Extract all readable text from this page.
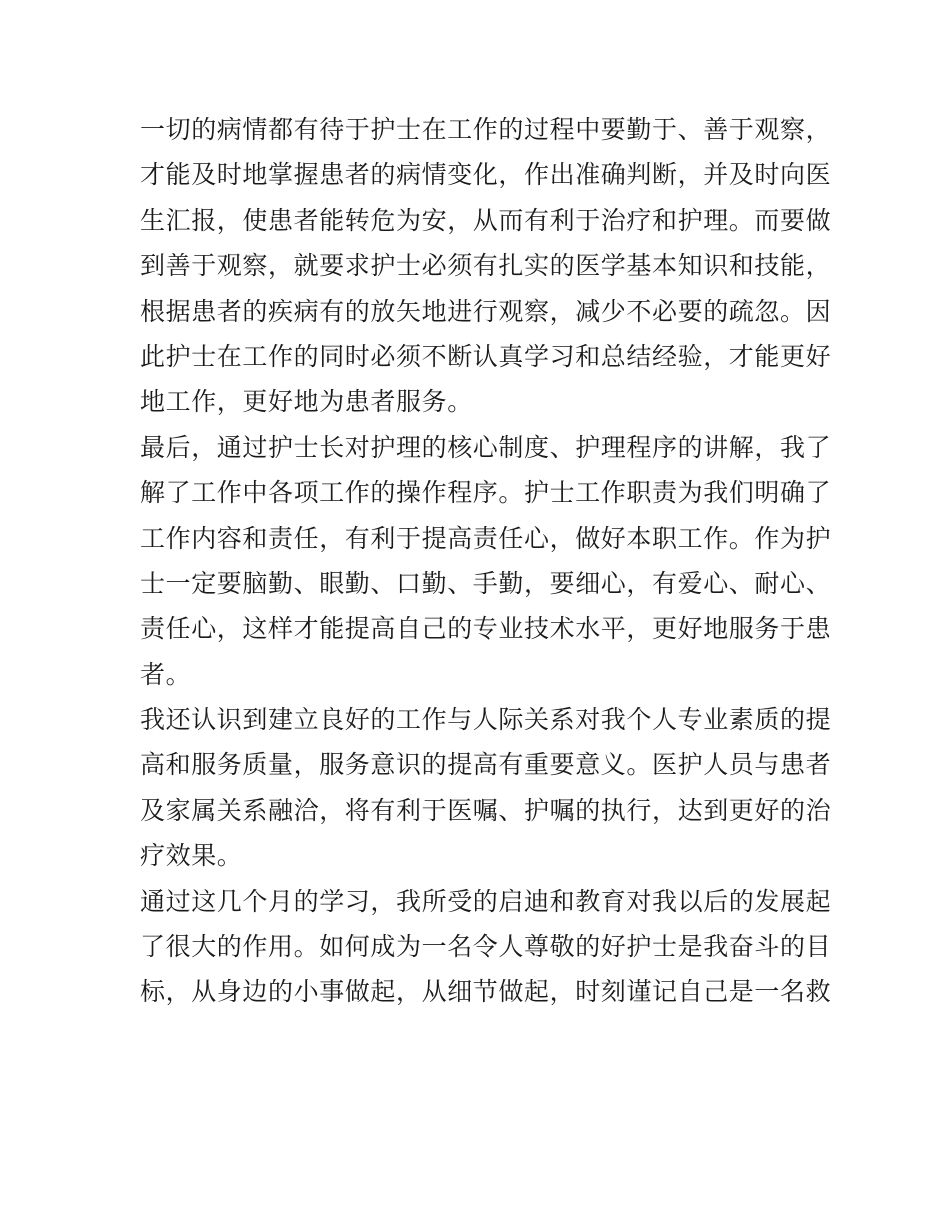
一切的病情都有待于护士在工作的过程中要勤于、善于观察，
才能及时地掌握患者的病情变化，作出准确判断，并及时向医
生汇报，使患者能转危为安，从而有利于治疗和护理。而要做
到善于观察，就要求护士必须有扎实的医学基本知识和技能，
根据患者的疾病有的放矢地进行观察，减少不必要的疏忽。因
此护士在工作的同时必须不断认真学习和总结经验，才能更好
地工作，更好地为患者服务。

最后，通过护士长对护理的核心制度、护理程序的讲解，我了
解了工作中各项工作的操作程序。护士工作职责为我们明确了
工作内容和责任，有利于提高责任心，做好本职工作。作为护
士一定要脑勤、眼勤、口勤、手勤，要细心，有爱心、耐心、
责任心，这样才能提高自己的专业技术水平，更好地服务于患
者。

我还认识到建立良好的工作与人际关系对我个人专业素质的提
高和服务质量，服务意识的提高有重要意义。医护人员与患者
及家属关系融洽，将有利于医嘱、护嘱的执行，达到更好的治
疗效果。

通过这几个月的学习，我所受的启迪和教育对我以后的发展起
了很大的作用。如何成为一名令人尊敬的好护士是我奋斗的目
标，从身边的小事做起，从细节做起，时刻谨记自己是一名救
